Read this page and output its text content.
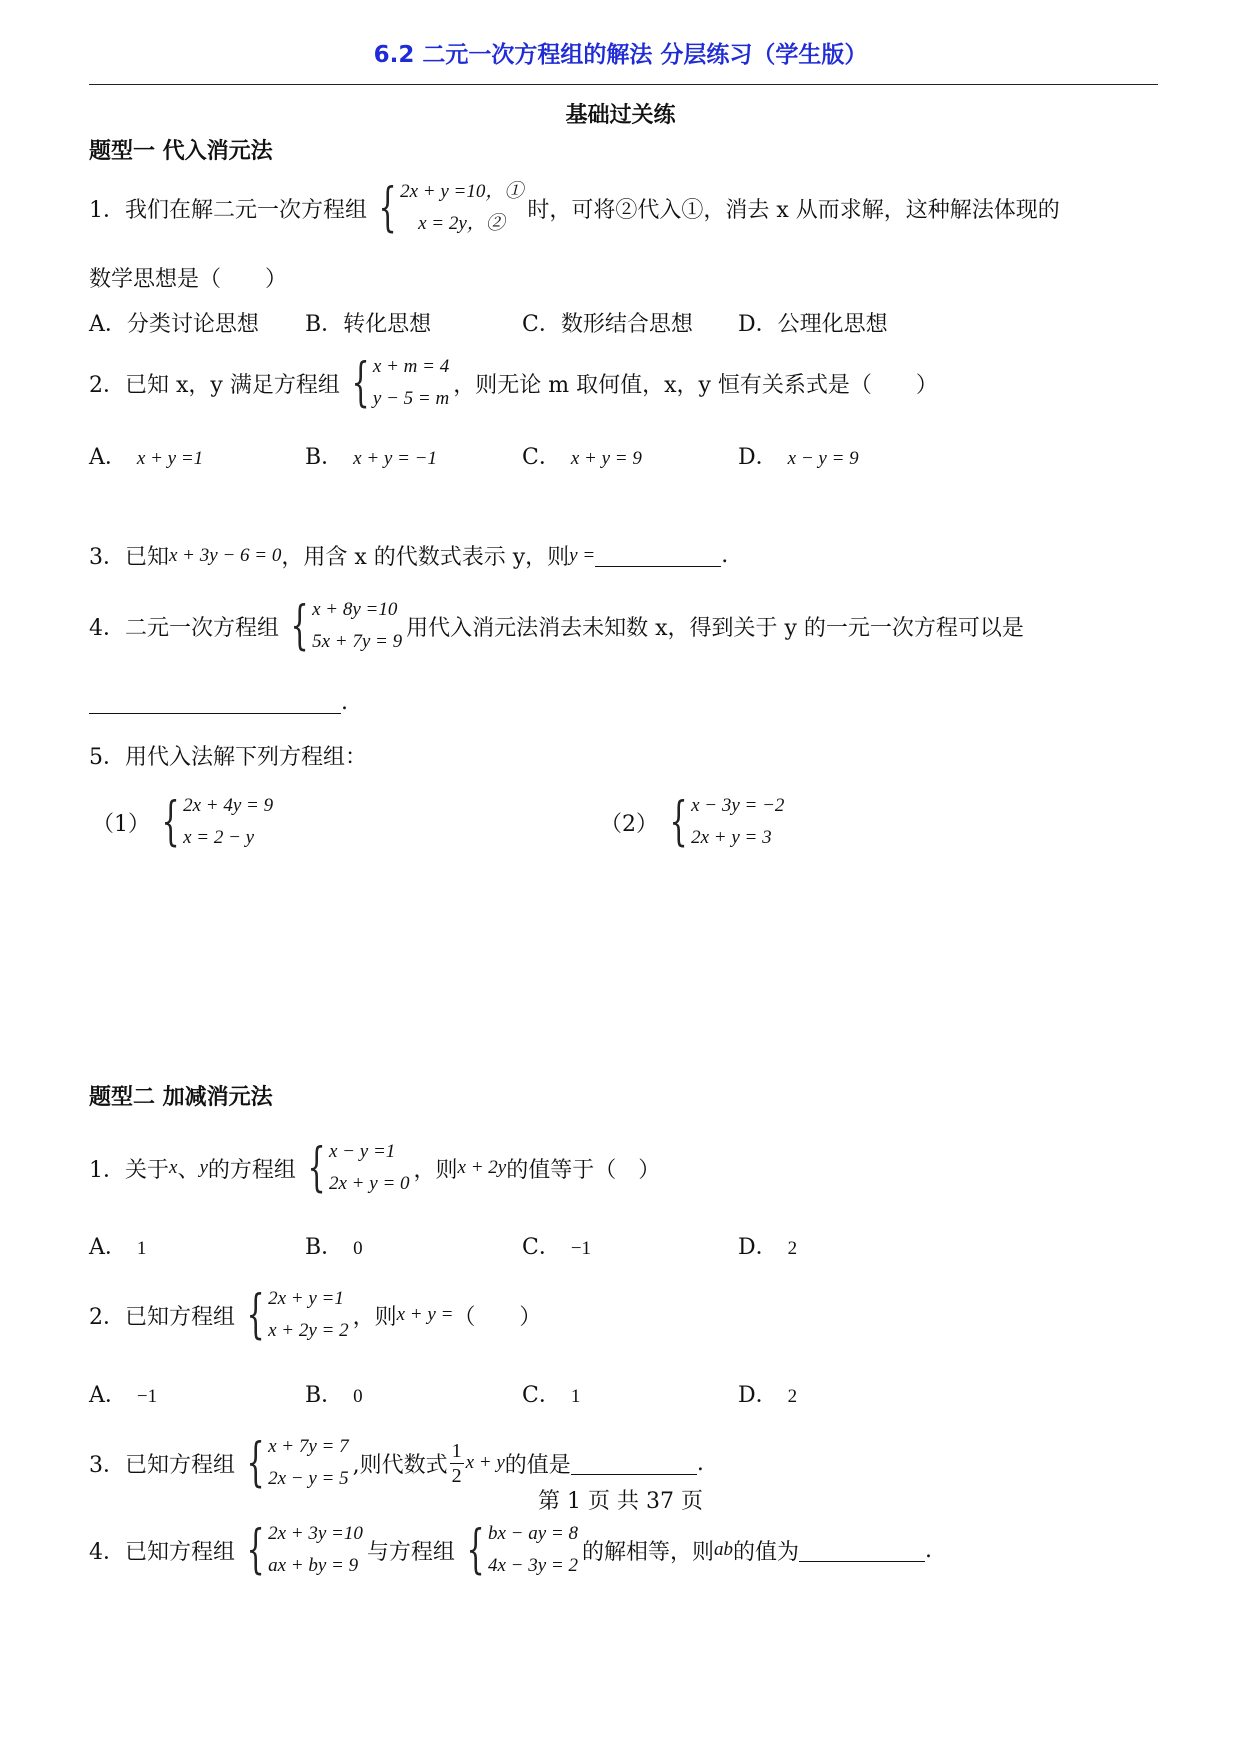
6.2 二元一次方程组的解法 分层练习（学生版）
基础过关练
题型一 代入消元法
1．我们在解二元一次方程组 { 2x + y =10，①
x = 2y，②
时，可将②代入①，消去 x 从而求解，这种解法体现的
数学思想是（　　）
A．分类讨论思想 B．转化思想	C．数形结合思想 D．公理化思想
2．已知 x，y 满足方程组 { x + m = 4
y − 5 = m
，则无论 m 取何值，x，y 恒有关系式是（　　）
A． x + y =1	B． x + y = −1	C． x + y = 9	D． x − y = 9
3．已知 x + 3y − 6 = 0 ，用含 x 的代数式表示 y，则 y =	.
4．二元一次方程组 { x + 8y =10
5x + 7y = 9
用代入消元法消去未知数 x，得到关于 y 的一元一次方程可以是
.
5．用代入法解下列方程组：
（1） { 2x + 4y = 9
x = 2 − y
（2） { x − 3y = −2
2x + y = 3
题型二 加减消元法
1．关于 x 、 y 的方程组 { x − y =1
2x + y = 0
，则 x + 2y 的值等于（　）
A． 1	B． 0	C． −1	D． 2
2．已知方程组 { 2x + y =1
x + 2y = 2
，则 x + y = （　　）
A． −1	B． 0	C． 1	D． 2
3．已知方程组 { x + 7y = 7
2x − y = 5
,则代数式 $\frac{1}{2}$ x + y 的值是	.
4．已知方程组 { 2x + 3y =10
ax + by = 9
与方程组 { bx − ay = 8
4x − 3y = 2
的解相等，则 ab 的值为	.
第 1 页 共 37 页
